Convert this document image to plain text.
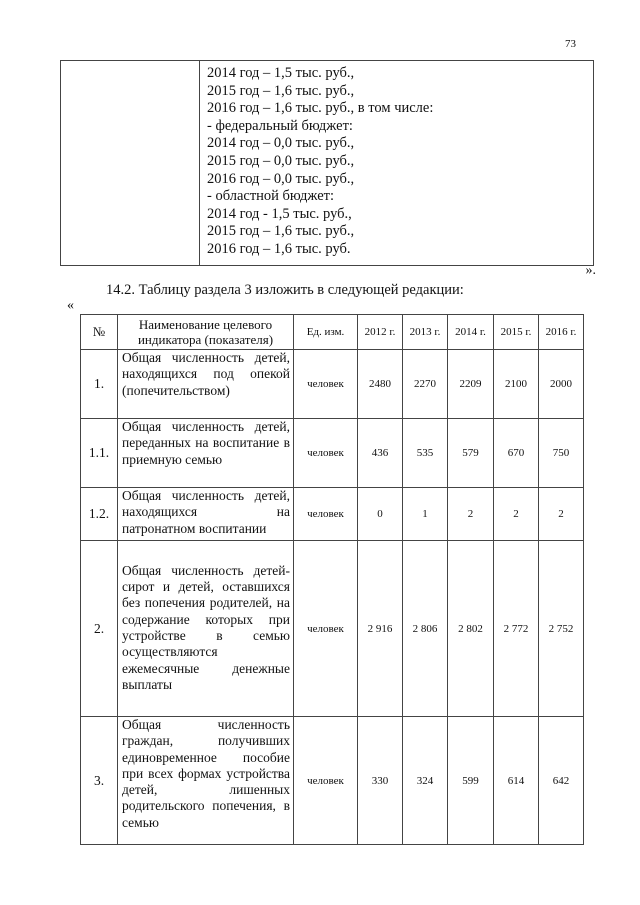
73

2014 год – 1,5 тыс. руб.,
2015 год – 1,6 тыс. руб.,
2016 год – 1,6 тыс. руб., в том числе:
- федеральный бюджет:
2014 год – 0,0 тыс. руб.,
2015 год – 0,0 тыс. руб.,
2016 год – 0,0 тыс. руб.,
- областной бюджет:
2014 год - 1,5 тыс. руб.,
2015 год – 1,6 тыс. руб.,
2016 год – 1,6 тыс. руб.
».
14.2. Таблицу раздела 3 изложить в следующей редакции:
«
№	Наименование целевого индикатора (показателя)	Ед. изм.	2012 г.	2013 г.	2014 г.	2015 г.	2016 г.
1.	Общая численность детей, находящихся под опекой (попечительством)	человек	2480	2270	2209	2100	2000
1.1.	Общая численность детей, переданных на воспитание в приемную семью	человек	436	535	579	670	750
1.2.	Общая численность детей, находящихся на патронатном воспитании	человек	0	1	2	2	2
2.	Общая численность детей-сирот и детей, оставшихся без попечения родителей, на содержание которых при устройстве в семью осуществляются ежемесячные денежные выплаты	человек	2 916	2 806	2 802	2 772	2 752
3.	Общая численность граждан, получивших единовременное пособие при всех формах устройства детей, лишенных родительского попечения, в семью	человек	330	324	599	614	642
